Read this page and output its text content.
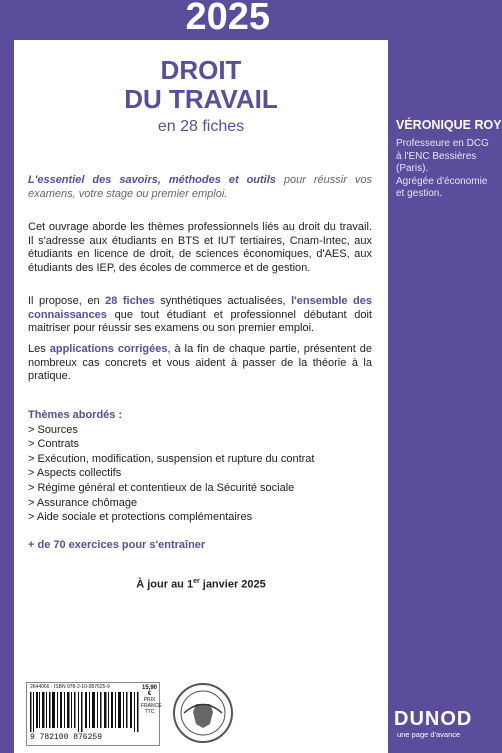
2025
DROIT
DU TRAVAIL
en 28 fiches
L'essentiel des savoirs, méthodes et outils pour réussir vos examens, votre stage ou premier emploi.
Cet ouvrage aborde les thèmes professionnels liés au droit du travail. Il s'adresse aux étudiants en BTS et IUT tertiaires, Cnam-Intec, aux étudiants en licence de droit, de sciences économiques, d'AES, aux étudiants des IEP, des écoles de commerce et de gestion.
Il propose, en 28 fiches synthétiques actualisées, l'ensemble des connaissances que tout étudiant et professionnel débutant doit maitriser pour réussir ses examens ou son premier emploi.
Les applications corrigées, à la fin de chaque partie, présentent de nombreux cas concrets et vous aident à passer de la théorie à la pratique.
Thèmes abordés :
> Sources
> Contrats
> Exécution, modification, suspension et rupture du contrat
> Aspects collectifs
> Régime général et contentieux de la Sécurité sociale
> Assurance chômage
> Aide sociale et protections complémentaires
+ de 70 exercices pour s'entraîner
À jour au 1er janvier 2025
2644066 · ISBN 978-2-10-087625-9
9 782100 876259
15,90 €
PRIX
FRANCE
TTC
VÉRONIQUE ROY
Professeure en DCG
à l'ENC Bessières
(Paris).
Agrégée d'économie
et gestion.
DUNOD
une page d'avance
